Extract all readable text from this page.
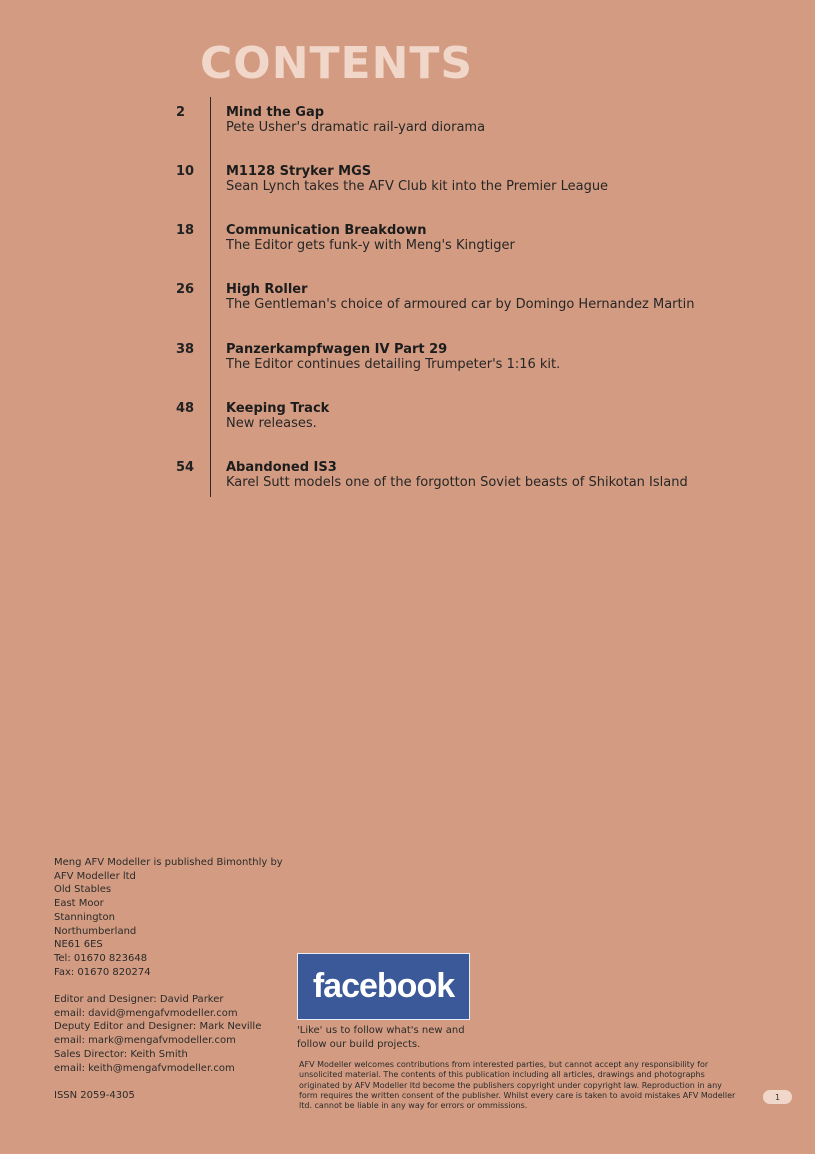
CONTENTS
2	Mind the Gap
Pete Usher's dramatic rail-yard diorama
10 M1128 Stryker MGS
Sean Lynch takes the AFV Club kit into the Premier League
18 Communication Breakdown
The Editor gets funk-y with Meng's Kingtiger
26 High Roller
The Gentleman's choice of armoured car by Domingo Hernandez Martin
38 Panzerkampfwagen IV Part 29
The Editor continues detailing Trumpeter's 1:16 kit.
48 Keeping Track
New releases.
54 Abandoned IS3
Karel Sutt models one of the forgotton Soviet beasts of Shikotan Island
Meng AFV Modeller is published Bimonthly by
AFV Modeller ltd
Old Stables
East Moor
Stannington
Northumberland
NE61 6ES
Tel: 01670 823648
Fax: 01670 820274
Editor and Designer: David Parker
email: david@mengafvmodeller.com
Deputy Editor and Designer: Mark Neville
email: mark@mengafvmodeller.com
Sales Director: Keith Smith
email: keith@mengafvmodeller.com
ISSN 2059-4305
facebook
'Like' us to follow what's new and
follow our build projects.
AFV Modeller welcomes contributions from interested parties, but cannot accept any responsibility for unsolicited material. The contents of this publication including all articles, drawings and photographs originated by AFV Modeller ltd become the publishers copyright under copyright law. Reproduction in any form requires the written consent of the publisher. Whilst every care is taken to avoid mistakes AFV Modeller ltd. cannot be liable in any way for errors or ommissions.
1
